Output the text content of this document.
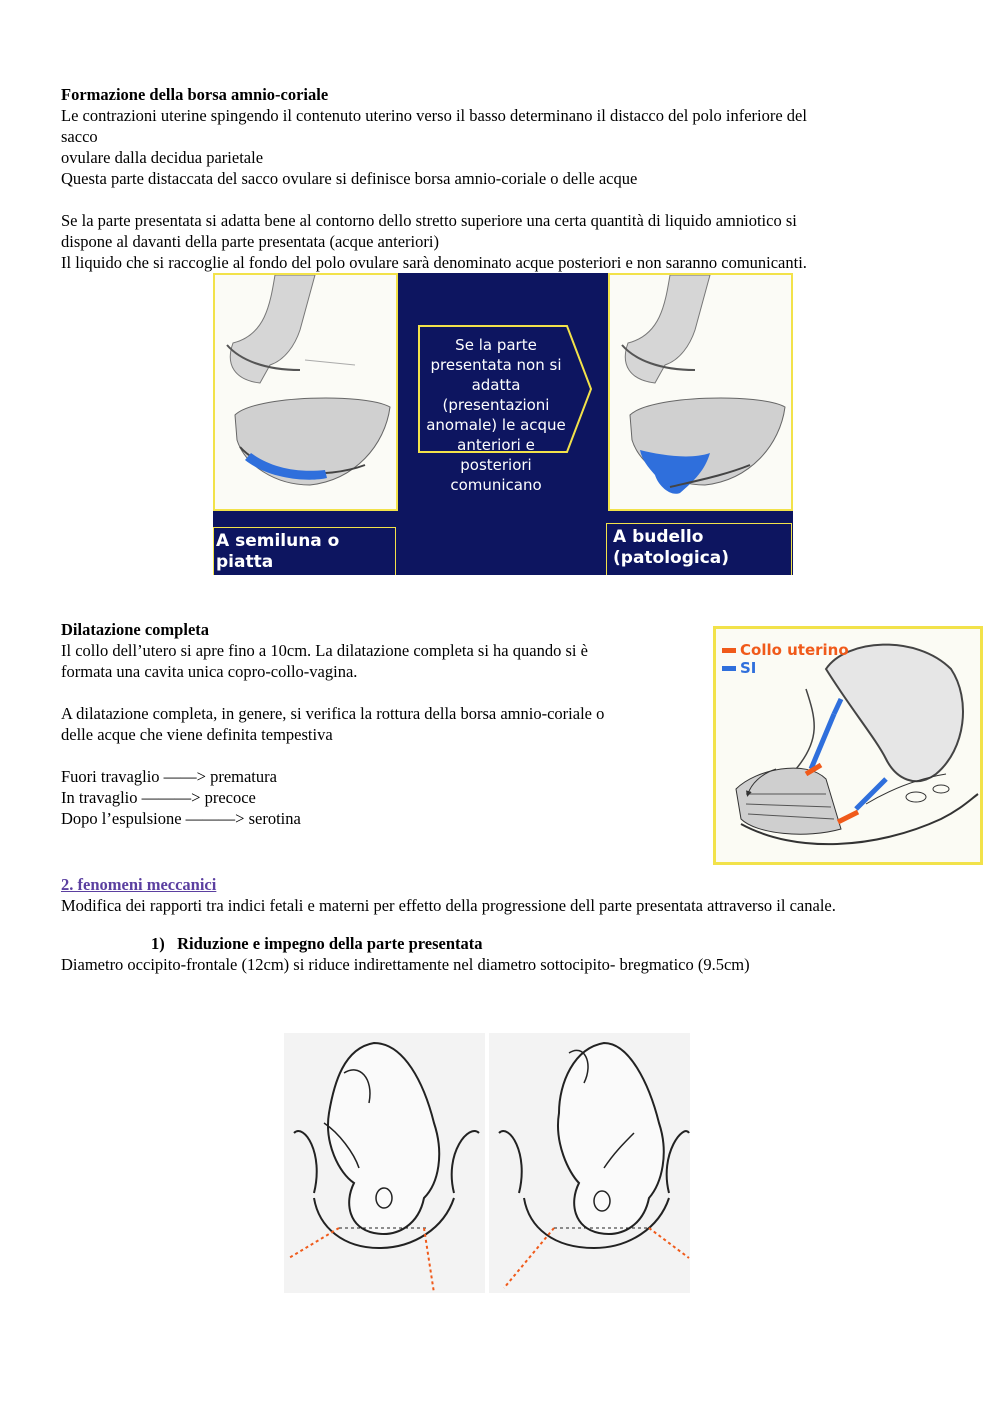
Formazione della borsa amnio-coriale

Le contrazioni uterine spingendo il contenuto uterino verso il basso determinano il distacco del polo inferiore del

sacco

ovulare dalla decidua parietale

Questa parte distaccata del sacco ovulare si definisce borsa amnio-coriale o delle acque

Se la parte presentata si adatta bene al contorno dello stretto superiore una certa quantità di liquido amniotico si

dispone al davanti della parte presentata (acque anteriori)

Il liquido che si raccoglie al fondo del polo ovulare sarà denominato acque posteriori e non saranno comunicanti.

Se la parte
presentata non si
adatta (presentazioni
anomale) le acque
anteriori e posteriori
comunicano
A semiluna o piatta
(fisiologica)
A budello
(patologica)

Dilatazione completa

Il collo dell’utero si apre fino a 10cm. La dilatazione completa si ha quando si è

formata una cavita unica copro-collo-vagina.

A dilatazione completa, in genere, si verifica la rottura della borsa amnio-coriale o

delle acque che viene definita tempestiva

Fuori travaglio ——> prematura

In travaglio ———> precoce

Dopo l’espulsione ———> serotina

Collo uterino
SI

2. fenomeni meccanici

Modifica dei rapporti tra indici fetali e materni per effetto della progressione dell parte presentata attraverso il canale.

1) Riduzione e impegno della parte presentata

Diametro occipito-frontale (12cm) si riduce indirettamente nel diametro sottocipito- bregmatico (9.5cm)
